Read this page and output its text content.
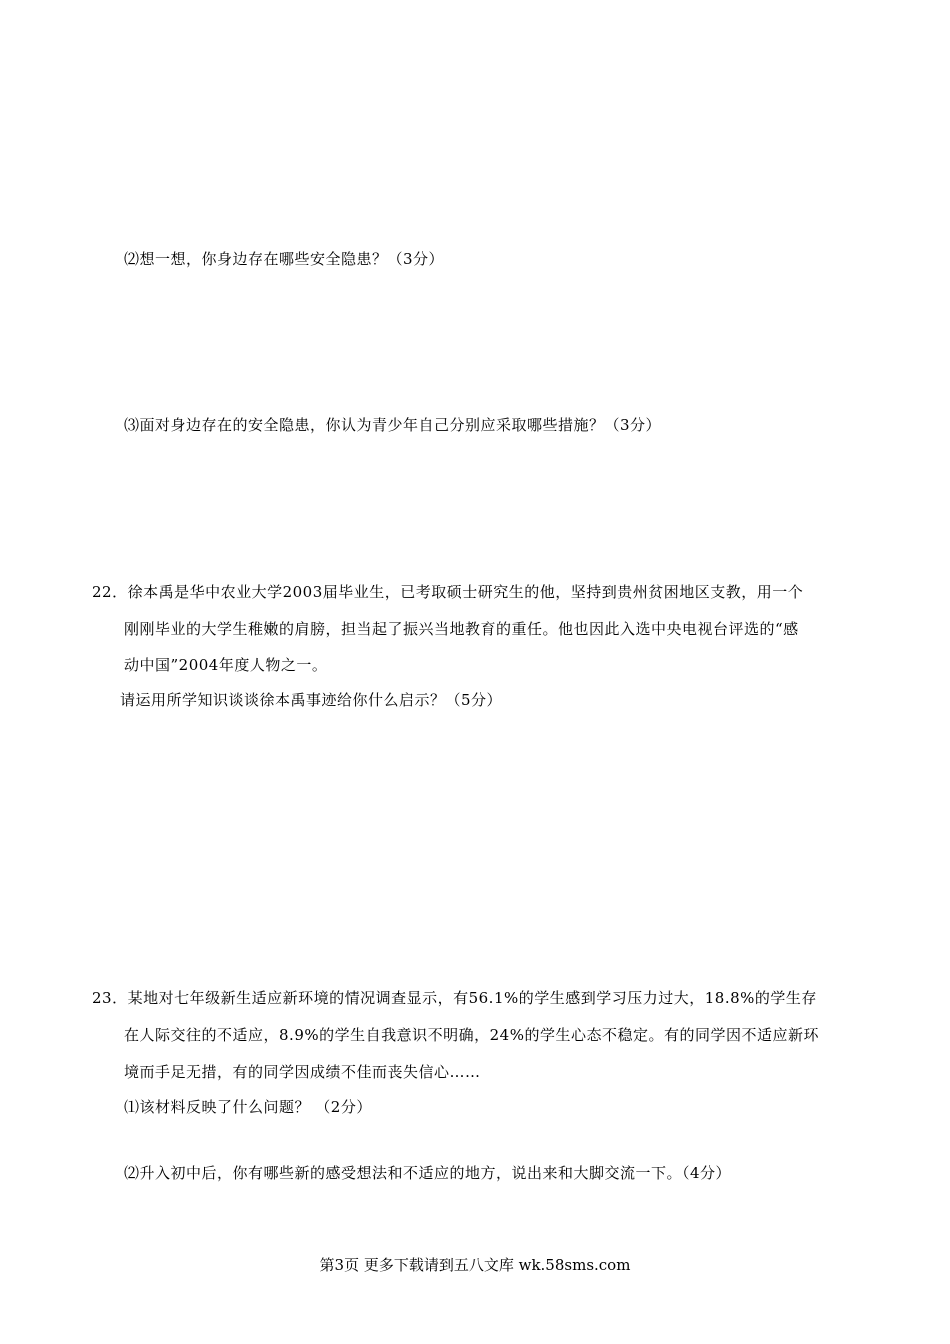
⑵想一想，你身边存在哪些安全隐患？（3分）
⑶面对身边存在的安全隐患，你认为青少年自己分别应采取哪些措施？（3分）
22．徐本禹是华中农业大学2003届毕业生，已考取硕士研究生的他，坚持到贵州贫困地区支教，用一个
刚刚毕业的大学生稚嫩的肩膀，担当起了振兴当地教育的重任。他也因此入选中央电视台评选的“感
动中国”2004年度人物之一。
请运用所学知识谈谈徐本禹事迹给你什么启示？（5分）
23．某地对七年级新生适应新环境的情况调查显示，有56.1%的学生感到学习压力过大，18.8%的学生存
在人际交往的不适应，8.9%的学生自我意识不明确，24%的学生心态不稳定。有的同学因不适应新环
境而手足无措，有的同学因成绩不佳而丧失信心……
⑴该材料反映了什么问题？ （2分）
⑵升入初中后，你有哪些新的感受想法和不适应的地方，说出来和大脚交流一下。（4分）
第3页 更多下载请到五八文库 wk.58sms.com
